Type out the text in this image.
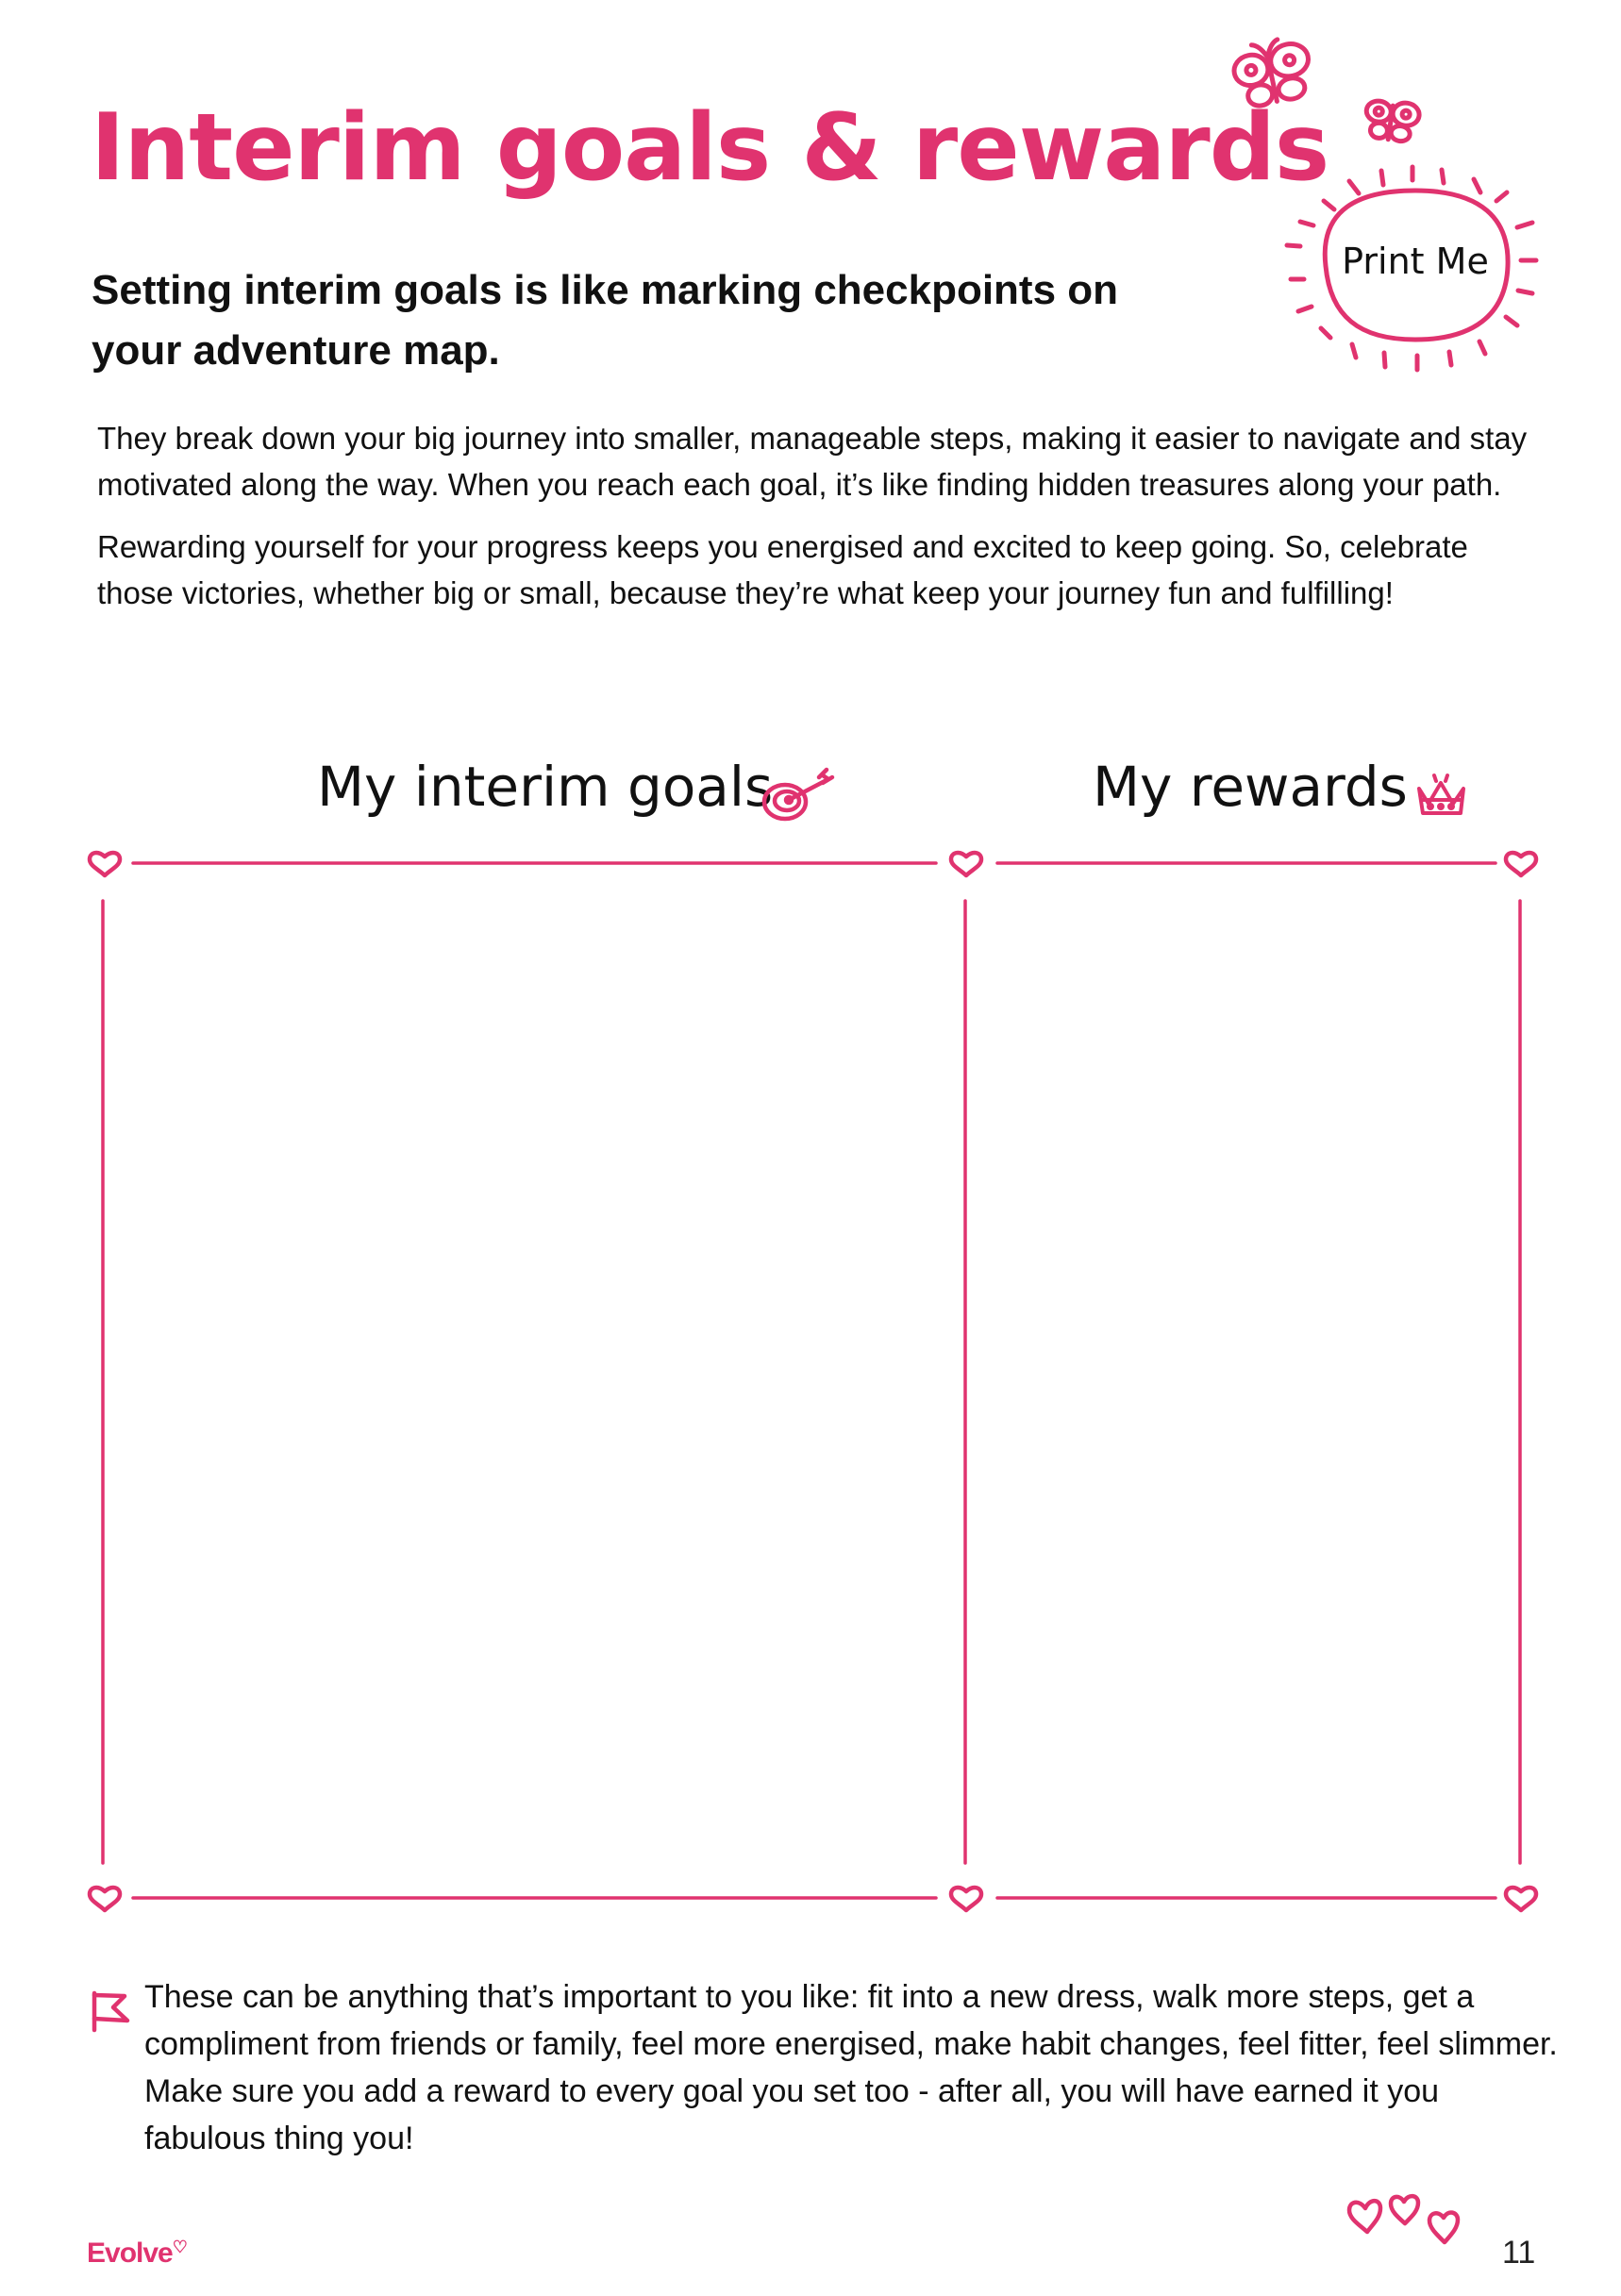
Interim goals & rewards
Setting interim goals is like marking checkpoints on your adventure map.
They break down your big journey into smaller, manageable steps, making it easier to navigate and stay motivated along the way. When you reach each goal, it’s like finding hidden treasures along your path.
Rewarding yourself for your progress keeps you energised and excited to keep going. So, celebrate those victories, whether big or small, because they’re what keep your journey fun and fulfilling!
Print Me
My interim goals	My rewards
These can be anything that’s important to you like: fit into a new dress, walk more steps, get a compliment from friends or family, feel more energised, make habit changes, feel fitter, feel slimmer. Make sure you add a reward to every goal you set too - after all, you will have earned it you fabulous thing you!
Evolve♡	11
